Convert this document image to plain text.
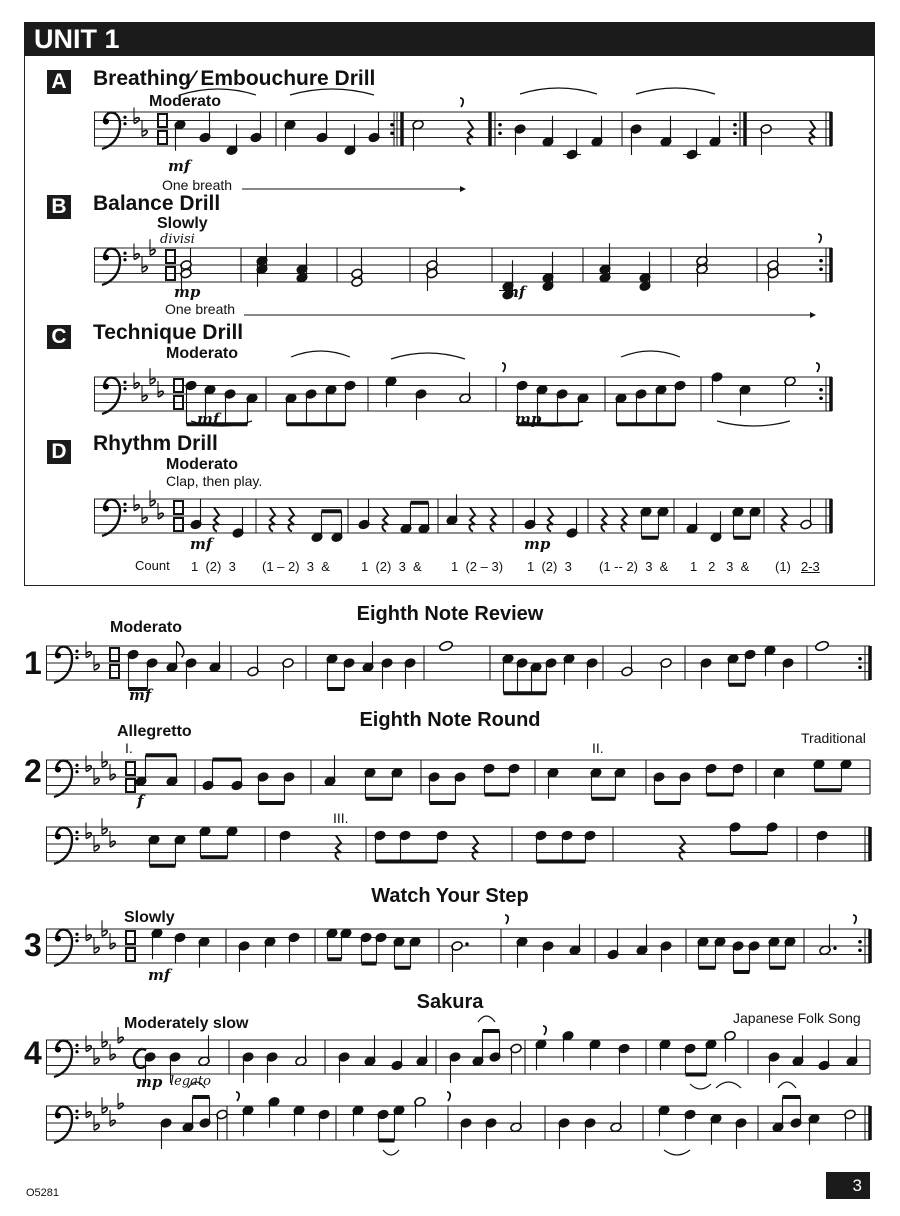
UNIT 1
A Breathing⁄ Embouchure Drill
Moderato
mf
One breath
B Balance Drill
Slowly
divisi
mp	mf
One breath
C Technique Drill
Moderato
mf	mp
D Rhythm Drill
Moderato
Clap, then play.
mf	mp
Count 1  (2)  3 (1 – 2)  3  & 1  (2)  3  & 1  (2 – 3) 1  (2)  3 (1 -- 2)  3  & 1   2   3  & (1) 2-3
Eighth Note Review
Moderato
1
mf
Eighth Note Round
Allegretto	Traditional
I.	II.
2
f
III.
Watch Your Step
Slowly
3
mf
Sakura
Japanese Folk Song
Moderately slow
4
mp legato
O5281	3
